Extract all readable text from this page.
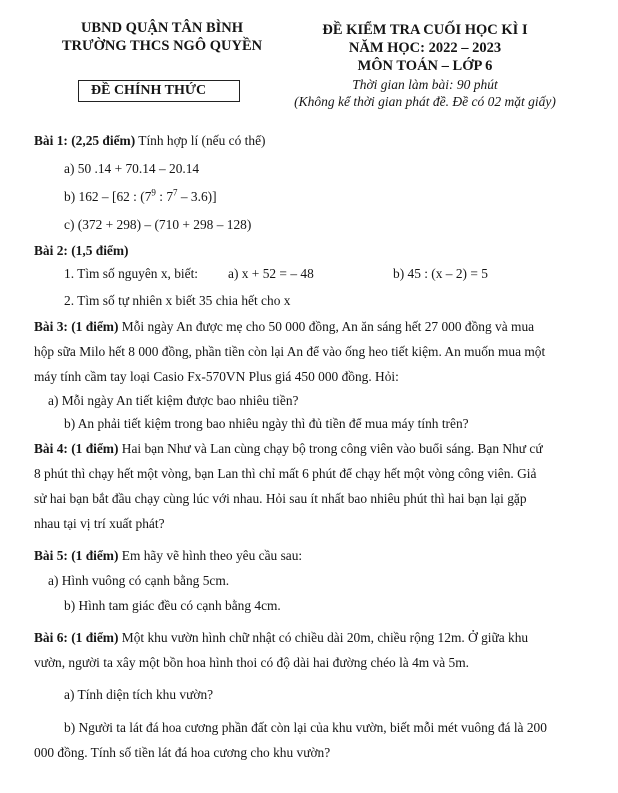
UBND QUẬN TÂN BÌNH
TRƯỜNG THCS NGÔ QUYỀN
ĐỀ CHÍNH THỨC
ĐỀ KIỂM TRA CUỐI HỌC KÌ I
NĂM HỌC: 2022 – 2023
MÔN TOÁN – LỚP 6
Thời gian làm bài: 90 phút
(Không kể thời gian phát đề. Đề có 02 mặt giấy)
Bài 1: (2,25 điểm) Tính hợp lí (nếu có thể)
a) 50 .14 + 70.14 – 20.14
b) 162 – [62 : ($7^9$ : $7^7 - 3.6$)]
c) (372 + 298) – (710 + 298 – 128)
Bài 2: (1,5 điểm)
1. Tìm số nguyên x, biết: a) x + 52 = – 48	b) 45 : (x – 2) = 5
2. Tìm số tự nhiên x biết 35 chia hết cho x
Bài 3: (1 điểm) Mỗi ngày An được mẹ cho 50 000 đồng, An ăn sáng hết 27 000 đồng và mua
hộp sữa Milo hết 8 000 đồng, phần tiền còn lại An để vào ống heo tiết kiệm. An muốn mua một
máy tính cầm tay loại Casio Fx-570VN Plus giá 450 000 đồng. Hỏi:
a) Mỗi ngày An tiết kiệm được bao nhiêu tiền?
b) An phải tiết kiệm trong bao nhiêu ngày thì đủ tiền để mua máy tính trên?
Bài 4: (1 điểm) Hai bạn Như và Lan cùng chạy bộ trong công viên vào buổi sáng. Bạn Như cứ
8 phút thì chạy hết một vòng, bạn Lan thì chỉ mất 6 phút để chạy hết một vòng công viên. Giả
sử hai bạn bắt đầu chạy cùng lúc với nhau. Hỏi sau ít nhất bao nhiêu phút thì hai bạn lại gặp
nhau tại vị trí xuất phát?
Bài 5: (1 điểm) Em hãy vẽ hình theo yêu cầu sau:
a) Hình vuông có cạnh bằng 5cm.
b) Hình tam giác đều có cạnh bằng 4cm.
Bài 6: (1 điểm) Một khu vườn hình chữ nhật có chiều dài 20m, chiều rộng 12m. Ở giữa khu
vườn, người ta xây một bồn hoa hình thoi có độ dài hai đường chéo là 4m và 5m.
a) Tính diện tích khu vườn?
b) Người ta lát đá hoa cương phần đất còn lại của khu vườn, biết mỗi mét vuông đá là 200
000 đồng. Tính số tiền lát đá hoa cương cho khu vườn?
